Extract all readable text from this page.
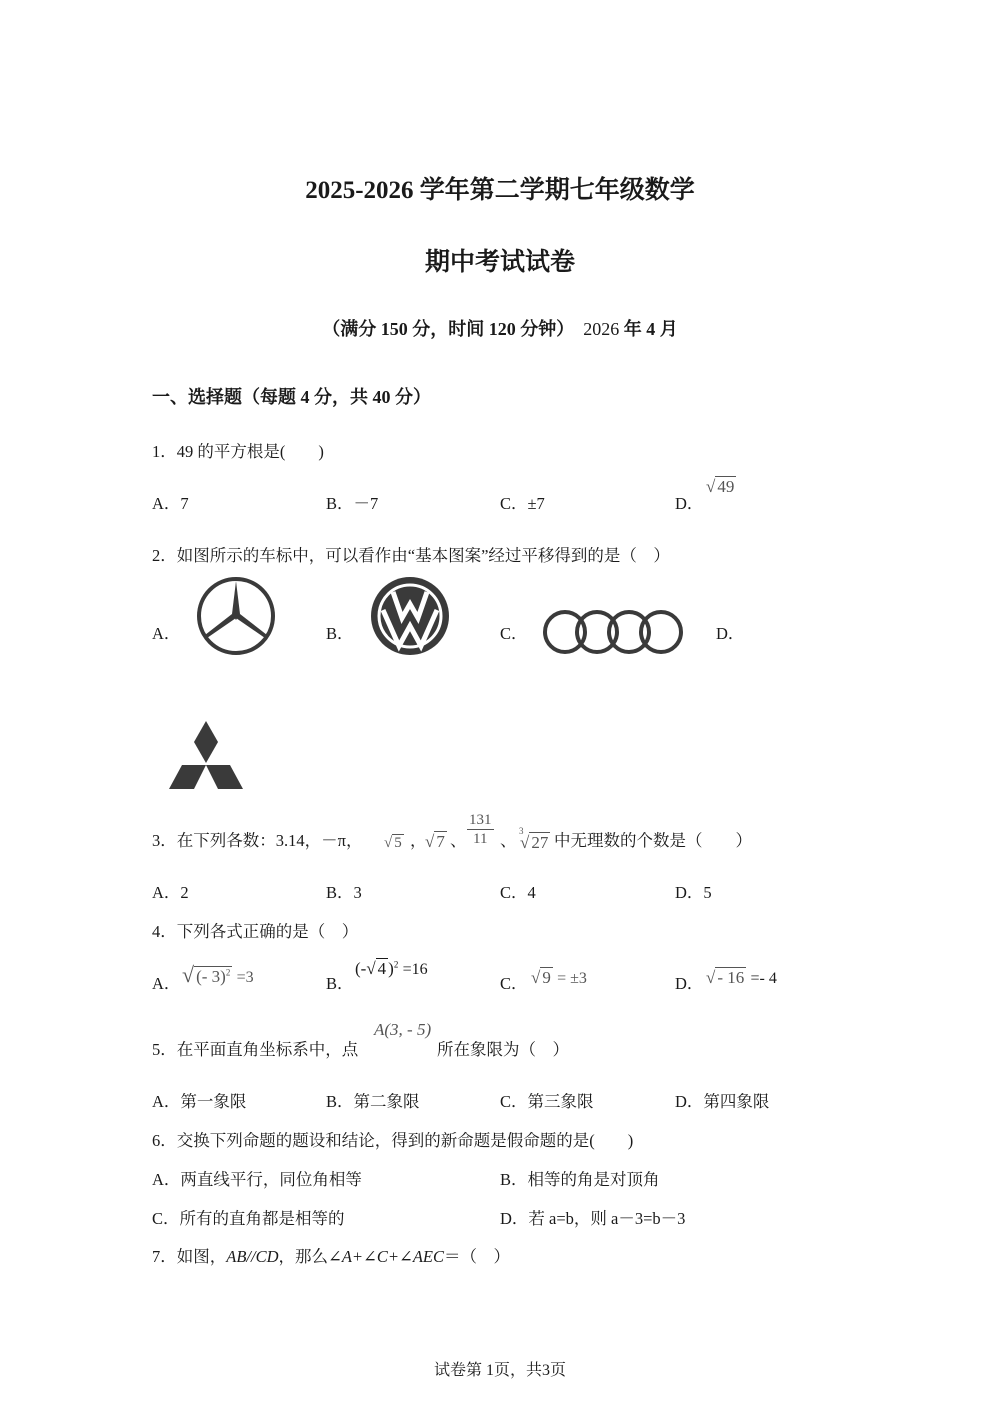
2025-2026 学年第二学期七年级数学
期中考试试卷
（满分 150 分，时间 120 分钟） 2026 年 4 月
一、选择题（每题 4 分，共 40 分）
1．49 的平方根是(　　)
A．7	B．－7	C．±7	D．
√ 49
2．如图所示的车标中，可以看作由“基本图案”经过平移得到的是（　）
A．	B．	C．	D．
3．在下列各数：3.14，－π， √ 5 ，
√ 7 、 $\frac{131}{11}$ 、 3
√ 27 中无理数的个数是（　　）
A．2	B．3	C．4	D．5
4．下列各式正确的是（　）
A． √ (- 3)$^2$ =3	B．
(-√ 4 )$^2$ =16
C． √ 9 = ±3	D． √ - 16 =- 4
5．在平面直角坐标系中，点
A(3, - 5)
所在象限为（　）
A．第一象限	B．第二象限	C．第三象限	D．第四象限
6．交换下列命题的题设和结论，得到的新命题是假命题的是(　　)
A．两直线平行，同位角相等	B．相等的角是对顶角
C．所有的直角都是相等的	D．若 a=b，则 a－3=b－3
7．如图，AB//CD，那么∠A+∠C+∠AEC＝（　）
试卷第 1页，共3页
